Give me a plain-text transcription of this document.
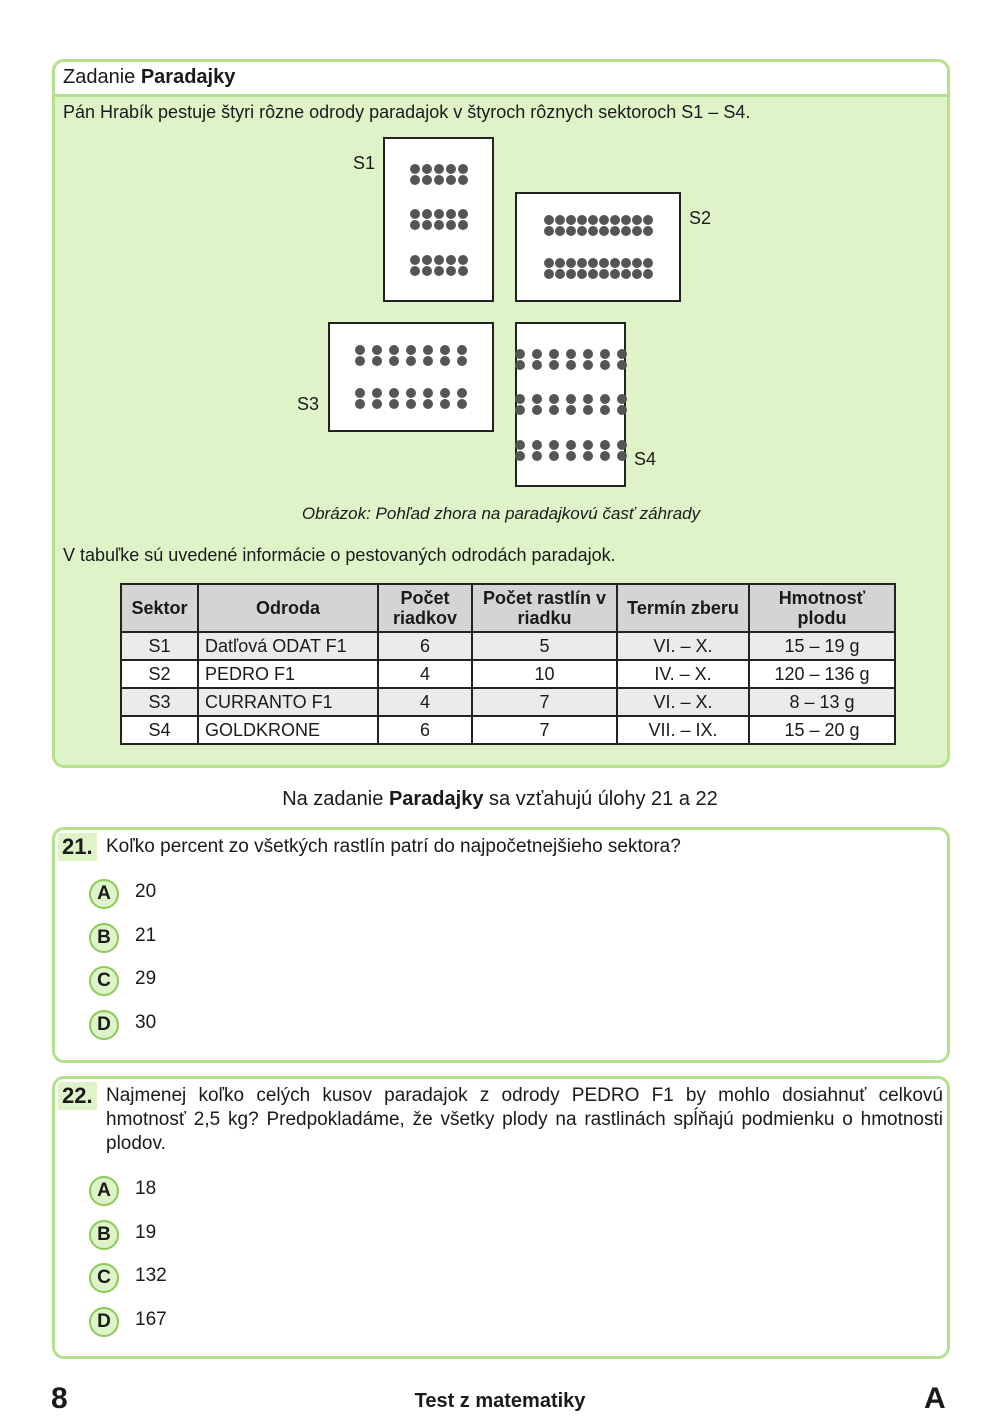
Zadanie Paradajky
Pán Hrabík pestuje štyri rôzne odrody paradajok v štyroch rôznych sektoroch S1 – S4.
S1
S2
S3
S4
Obrázok: Pohľad zhora na paradajkovú časť záhrady
V tabuľke sú uvedené informácie o pestovaných odrodách paradajok.
Sektor	Odroda	Počet riadkov	Počet rastlín v riadku	Termín zberu	Hmotnosť plodu
S1	Datľová ODAT F1	6	5	VI. – X.	15 – 19 g
S2	PEDRO F1	4	10	IV. – X.	120 – 136 g
S3	CURRANTO F1	4	7	VI. – X.	8 – 13 g
S4	GOLDKRONE	6	7	VII. – IX.	15 – 20 g
Na zadanie Paradajky sa vzťahujú úlohy 21 a 22
21. Koľko percent zo všetkých rastlín patrí do najpočetnejšieho sektora?
A	20
B	21
C	29
D	30
22. Najmenej koľko celých kusov paradajok z odrody PEDRO F1 by mohlo dosiahnuť celkovú hmotnosť 2,5 kg? Predpokladáme, že všetky plody na rastlinách spĺňajú podmienku o hmotnosti plodov.
A	18
B	19
C	132
D	167
8	Test z matematiky	A
